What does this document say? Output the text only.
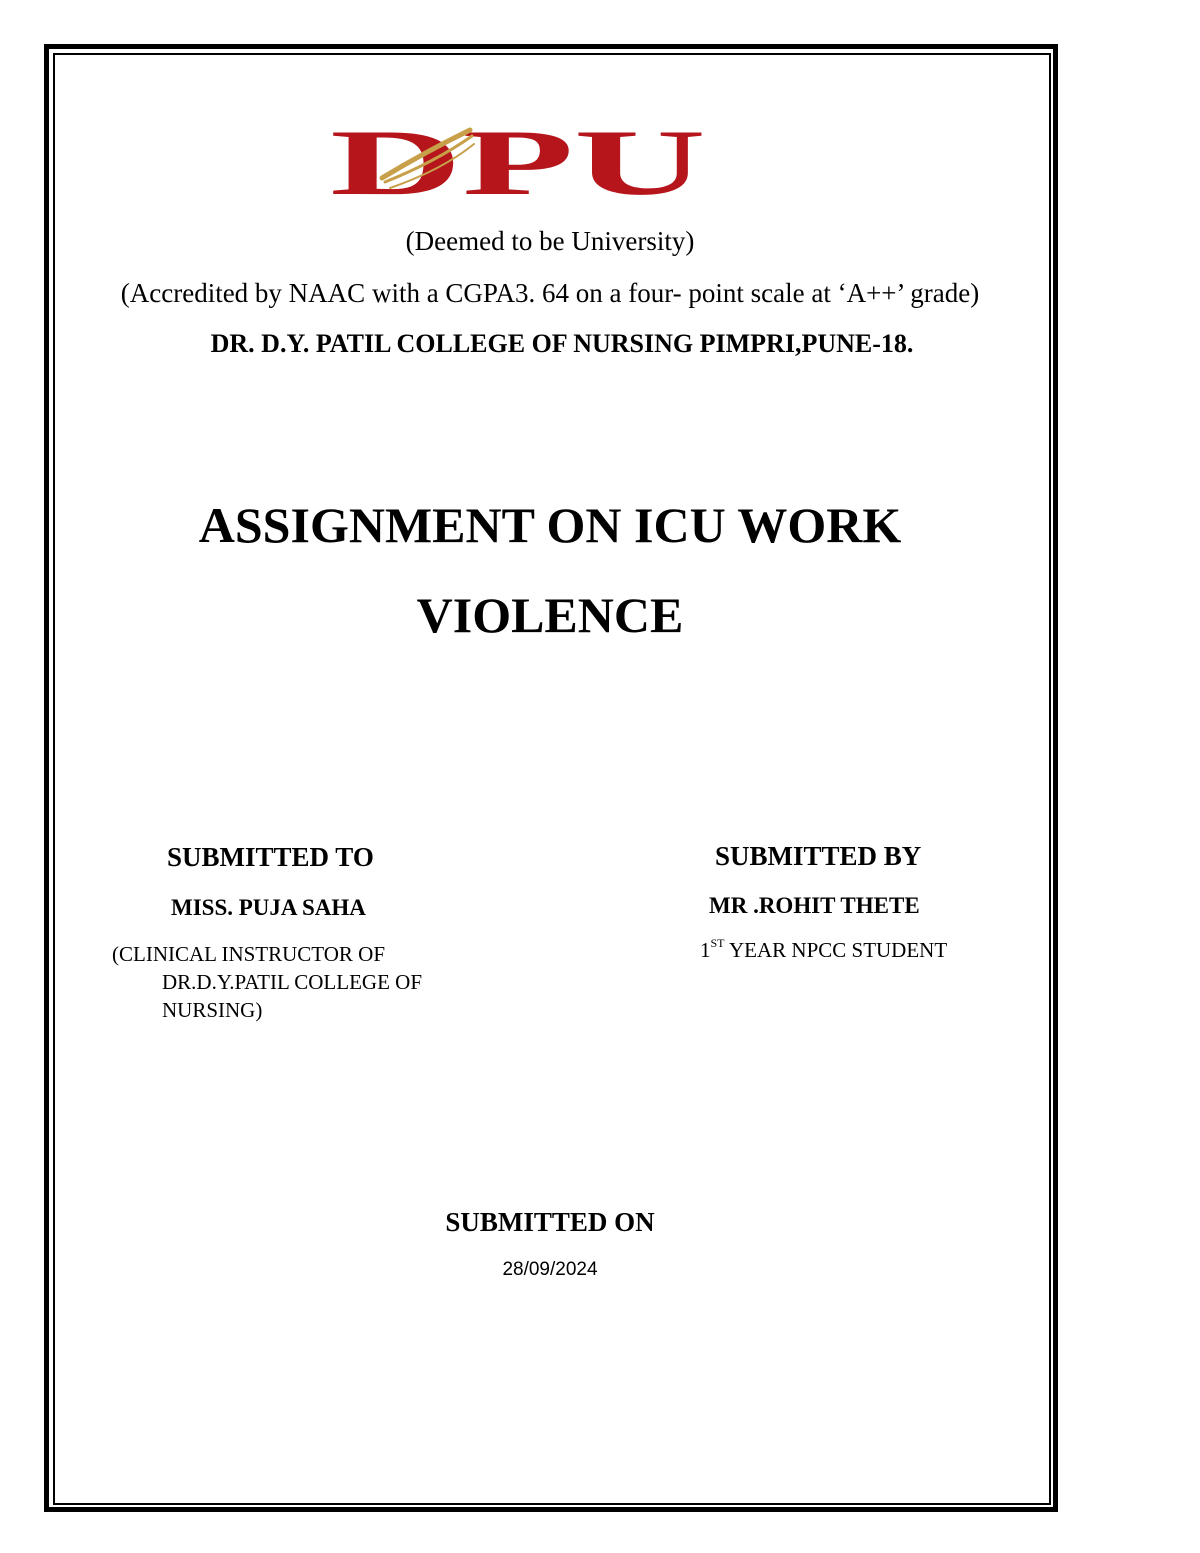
DPU
(Deemed to be University)
(Accredited by NAAC with a CGPA3. 64 on a four- point scale at ‘A++’ grade)
DR. D.Y. PATIL COLLEGE OF NURSING PIMPRI,PUNE-18.
ASSIGNMENT ON ICU WORK
VIOLENCE
SUBMITTED TO
MISS. PUJA SAHA
(CLINICAL INSTRUCTOR OF
DR.D.Y.PATIL COLLEGE OF
NURSING)
SUBMITTED BY
MR .ROHIT THETE
1ST YEAR NPCC STUDENT
SUBMITTED ON
28/09/2024
